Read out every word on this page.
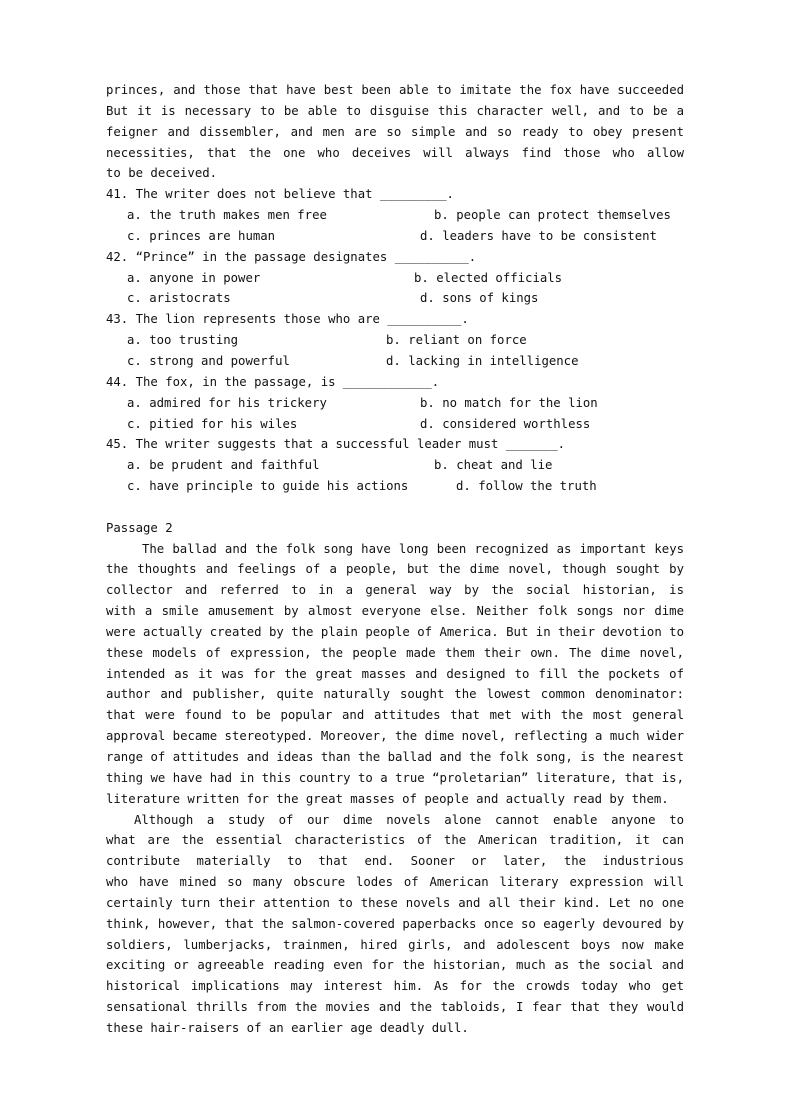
princes, and those that have best been able to imitate the fox have succeeded
But it is necessary to be able to disguise this character well, and to be a
feigner and dissembler, and men are so simple and so ready to obey present
necessities, that the one who deceives will always find those who allow
to be deceived.
41. The writer does not believe that _________.
a. the truth makes men free	b. people can protect themselves
c. princes are human	d. leaders have to be consistent
42. “Prince” in the passage designates __________.
a. anyone in power	b. elected officials
c. aristocrats	d. sons of kings
43. The lion represents those who are __________.
a. too trusting	b. reliant on force
c. strong and powerful	d. lacking in intelligence
44. The fox, in the passage, is ____________.
a. admired for his trickery	b. no match for the lion
c. pitied for his wiles	d. considered worthless
45. The writer suggests that a successful leader must _______.
a. be prudent and faithful	b. cheat and lie
c. have principle to guide his actions	d. follow the truth
Passage 2
The ballad and the folk song have long been recognized as important keys
the thoughts and feelings of a people, but the dime novel, though sought by
collector and referred to in a general way by the social historian, is
with a smile amusement by almost everyone else. Neither folk songs nor dime
were actually created by the plain people of America. But in their devotion to
these models of expression, the people made them their own. The dime novel,
intended as it was for the great masses and designed to fill the pockets of
author and publisher, quite naturally sought the lowest common denominator:
that were found to be popular and attitudes that met with the most general
approval became stereotyped. Moreover, the dime novel, reflecting a much wider
range of attitudes and ideas than the ballad and the folk song, is the nearest
thing we have had in this country to a true “proletarian” literature, that is,
literature written for the great masses of people and actually read by them.
Although a study of our dime novels alone cannot enable anyone to
what are the essential characteristics of the American tradition, it can
contribute materially to that end. Sooner or later, the industrious
who have mined so many obscure lodes of American literary expression will
certainly turn their attention to these novels and all their kind. Let no one
think, however, that the salmon-covered paperbacks once so eagerly devoured by
soldiers, lumberjacks, trainmen, hired girls, and adolescent boys now make
exciting or agreeable reading even for the historian, much as the social and
historical implications may interest him. As for the crowds today who get
sensational thrills from the movies and the tabloids, I fear that they would
these hair-raisers of an earlier age deadly dull.
